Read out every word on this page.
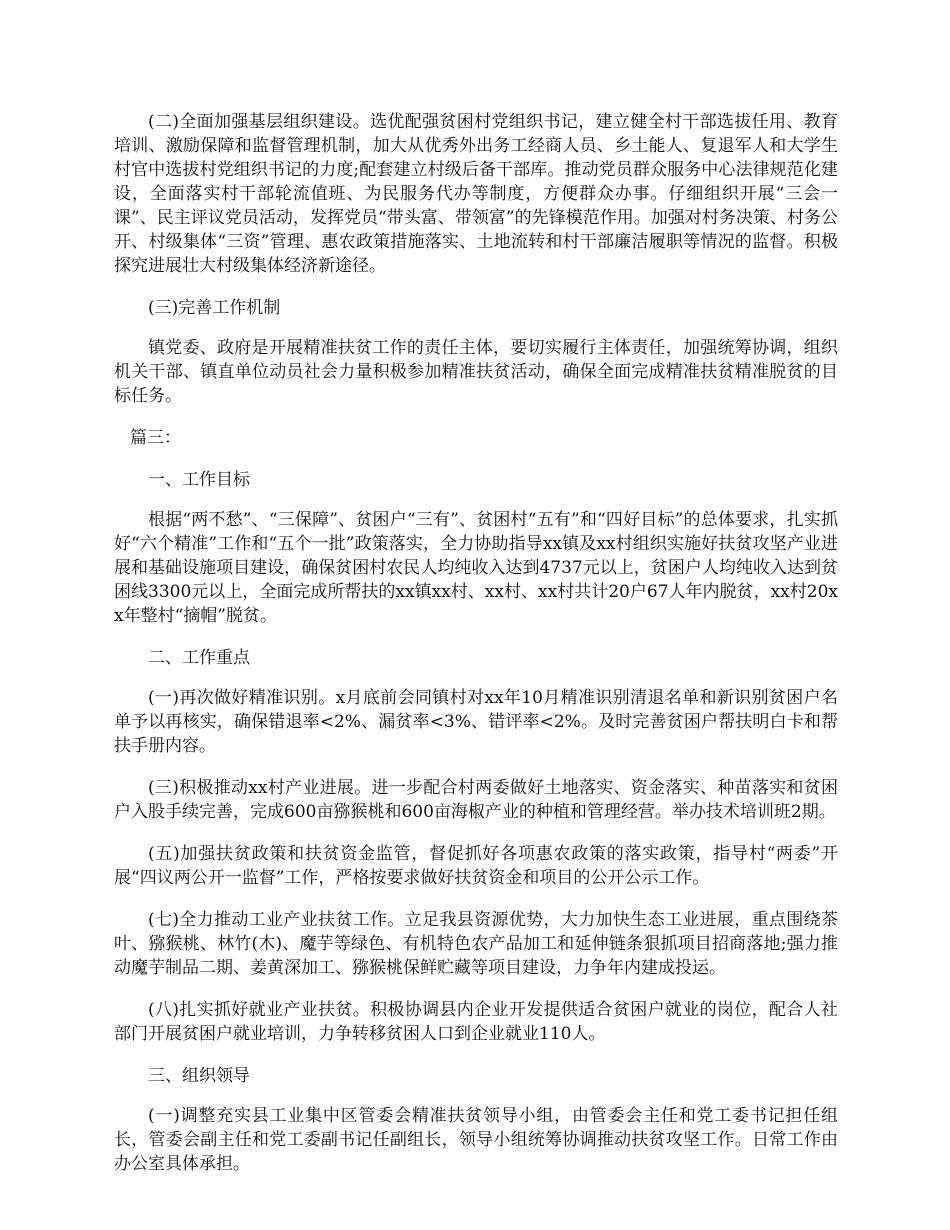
(二)全面加强基层组织建设。选优配强贫困村党组织书记，建立健全村干部选拔任用、教育培训、激励保障和监督管理机制，加大从优秀外出务工经商人员、乡土能人、复退军人和大学生村官中选拔村党组织书记的力度;配套建立村级后备干部库。推动党员群众服务中心法律规范化建设，全面落实村干部轮流值班、为民服务代办等制度，方便群众办事。仔细组织开展“三会一课”、民主评议党员活动，发挥党员“带头富、带领富”的先锋模范作用。加强对村务决策、村务公开、村级集体“三资”管理、惠农政策措施落实、土地流转和村干部廉洁履职等情况的监督。积极探究进展壮大村级集体经济新途径。

(三)完善工作机制

镇党委、政府是开展精准扶贫工作的责任主体，要切实履行主体责任，加强统筹协调，组织机关干部、镇直单位动员社会力量积极参加精准扶贫活动，确保全面完成精准扶贫精准脱贫的目标任务。

篇三：

一、工作目标

根据“两不愁”、“三保障”、贫困户“三有”、贫困村“五有”和“四好目标”的总体要求，扎实抓好“六个精准”工作和“五个一批”政策落实，全力协助指导xx镇及xx村组织实施好扶贫攻坚产业进展和基础设施项目建设，确保贫困村农民人均纯收入达到4737元以上，贫困户人均纯收入达到贫困线3300元以上，全面完成所帮扶的xx镇xx村、xx村、xx村共计20户67人年内脱贫，xx村20xx年整村“摘帽”脱贫。

二、工作重点

(一)再次做好精准识别。x月底前会同镇村对xx年10月精准识别清退名单和新识别贫困户名单予以再核实，确保错退率<2%、漏贫率<3%、错评率<2%。及时完善贫困户帮扶明白卡和帮扶手册内容。

(三)积极推动xx村产业进展。进一步配合村两委做好土地落实、资金落实、种苗落实和贫困户入股手续完善，完成600亩猕猴桃和600亩海椒产业的种植和管理经营。举办技术培训班2期。

(五)加强扶贫政策和扶贫资金监管，督促抓好各项惠农政策的落实政策，指导村“两委”开展“四议两公开一监督”工作，严格按要求做好扶贫资金和项目的公开公示工作。

(七)全力推动工业产业扶贫工作。立足我县资源优势，大力加快生态工业进展，重点围绕茶叶、猕猴桃、林竹(木)、魔芋等绿色、有机特色农产品加工和延伸链条狠抓项目招商落地;强力推动魔芋制品二期、姜黄深加工、猕猴桃保鲜贮藏等项目建设，力争年内建成投运。

(八)扎实抓好就业产业扶贫。积极协调县内企业开发提供适合贫困户就业的岗位，配合人社部门开展贫困户就业培训，力争转移贫困人口到企业就业110人。

三、组织领导

(一)调整充实县工业集中区管委会精准扶贫领导小组，由管委会主任和党工委书记担任组长，管委会副主任和党工委副书记任副组长，领导小组统筹协调推动扶贫攻坚工作。日常工作由办公室具体承担。
